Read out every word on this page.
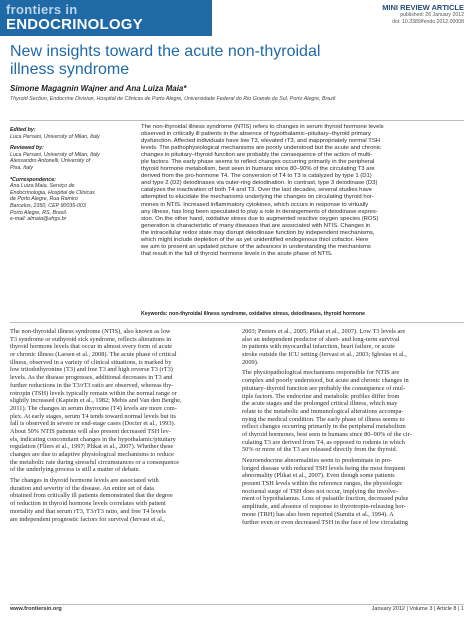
frontiers in
ENDOCRINOLOGY
MINI REVIEW ARTICLE
published: 26 January 2012
doi: 10.3389/fendo.2012.00008
New insights toward the acute non-thyroidal
illness syndrome
Simone Magagnin Wajner and Ana Luiza Maia*
Thyroid Section, Endocrine Division, Hospital de Clinicas de Porto Alegre, Universidade Federal do Rio Grande do Sul, Porto Alegre, Brazil
Edited by:
Luca Persani, University of Milan, Italy
Reviewed by:
Luca Persani, University of Milan, Italy
Alessandro Antonelli, University of
Pisa, Italy
*Correspondence:
Ana Luiza Maia, Serviço de
Endocrinologia, Hospital de Clínicas
de Porto Alegre, Rua Ramiro
Barcelos, 2350, CEP 90035-003
Porto Alegre, RS, Brasil.
e-mail: almaia@ufrgs.br
The non-thyroidal illness syndrome (NTIS) refers to changes in serum thyroid hormone levels
observed in critically ill patients in the absence of hypothalamic–pituitary–thyroid primary
dysfunction. Affected individuals have low T3, elevated rT3, and inappropriately normal TSH
levels. The pathophysiological mechanisms are poorly understood but the acute and chronic
changes in pituitary–thyroid function are probably the consequence of the action of multi-
ple factors. The early phase seems to reflect changes occurring primarily in the peripheral
thyroid hormone metabolism, best seen in humans since 80–90% of the circulating T3 are
derived from the pro-hormone T4. The conversion of T4 to T3 is catalyzed by type 1 (D1)
and type 2 (D2) deiodinases via outer-ring deiodination. In contrast, type 3 deiodinase (D3)
catalyzes the inactivation of both T4 and T3. Over the last decades, several studies have
attempted to elucidate the mechanisms underlying the changes on circulating thyroid hor-
mones in NTIS. Increased inflammatory cytokines, which occurs in response to virtually
any illness, has long been speculated to play a role in derangements of deiodinase expres-
sion. On the other hand, oxidative stress due to augmented reactive oxygen species (ROS)
generation is characteristic of many diseases that are associated with NTIS. Changes in
the intracellular redox state may disrupt deiodinase function by independent mechanisms,
which might include depletion of the as yet unidentified endogenous thiol cofactor. Here
we aim to present an updated picture of the advances in understanding the mechanisms
that result in the fall of thyroid hormone levels in the acute phase of NTIS.
Keywords: non-thyroidal illness syndrome, oxidative stress, deiodinases, thyroid hormone
The non-thyroidal illness syndrome (NTIS), also known as low
T3 syndrome or euthyroid sick syndrome, reflects alterations in
thyroid hormone levels that occur in almost every form of acute
or chronic illness (Larsen et al., 2008). The acute phase of critical
illness, observed in a variety of clinical situations, is marked by
low triiodothyronine (T3) and free T3 and high reverse T3 (rT3)
levels. As the disease progresses, additional decreases in T3 and
further reductions in the T3/rT3 ratio are observed, whereas thy-
rotropin (TSH) levels typically remain within the normal range or
slightly increased (Kaptein et al., 1982; Mebis and Van den Berghe,
2011). The changes in serum thyroxine (T4) levels are more com-
plex. At early stages, serum T4 tends toward normal levels but its
fall is observed in severe or end-stage cases (Docter et al., 1993).
About 50% NTIS patients will also present decreased TSH lev-
els, indicating concomitant changes in the hypothalamic/pituitary
regulation (Fliers et al., 1997; Plikat et al., 2007). Whether these
changes are due to adaptive physiological mechanisms to reduce
the metabolic rate during stressful circumstances or a consequence
of the underlying process is still a matter of debate.
The changes in thyroid hormone levels are associated with
duration and severity of the disease. An entire set of data
obtained from critically ill patients demonstrated that the degree
of reduction in thyroid hormone levels correlates with patient
mortality and that serum rT3, T3/rT3 ratio, and free T4 levels
are independent prognostic factors for survival (Iervasi et al.,
2003; Peeters et al., 2005; Plikat et al., 2007). Low T3 levels are
also an independent predictor of short- and long-term survival
in patients with myocardial infarction, heart failure, or acute
stroke outside the ICU setting (Iervasi et al., 2003; Iglesias et al.,
2009).
The physiopathological mechanisms responsible for NTIS are
complex and poorly understood, but acute and chronic changes in
pituitary–thyroid function are probably the consequence of mul-
tiple factors. The endocrine and metabolic profiles differ from
the acute stages and the prolonged critical illness, which may
relate to the metabolic and immunological alterations accompa-
nying the medical condition. The early phase of illness seems to
reflect changes occurring primarily in the peripheral metabolism
of thyroid hormones, best seen in humans since 80–90% of the cir-
culating T3 are derived from T4, as opposed to rodents in which
50% or more of the T3 are released directly from the thyroid.
Neuroendocrine abnormalities seem to predominate in pro-
longed disease with reduced TSH levels being the most frequent
abnormality (Plikat et al., 2007). Even though some patients
present TSH levels within the reference ranges, the physiologic
nocturnal surge of TSH does not occur, implying the involve-
ment of hypothalamus. Loss of pulsatile fraction, decreased pulse
amplitude, and absence of response to thyrotropin-releasing hor-
mone (TRH) has also been reported (Sumita et al., 1994). A
further even or even decreased TSH in the face of low circulating
www.frontiersin.org	January 2012 | Volume 3 | Article 8 | 1
